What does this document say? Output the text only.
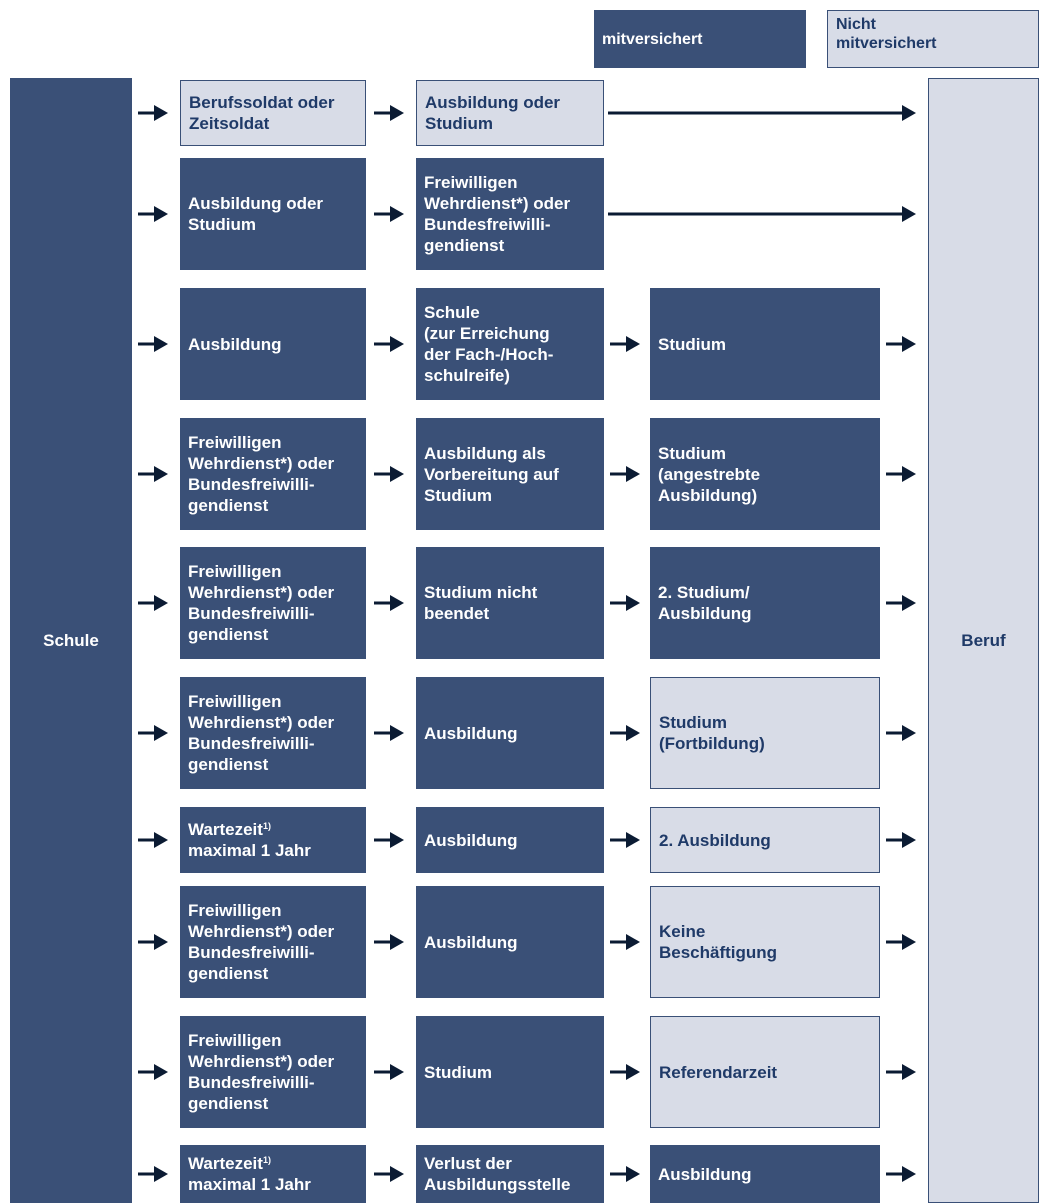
mitversichert
Nicht
mitversichert
Schule	Beruf
Berufssoldat oder
Zeitsoldat
Ausbildung oder
Studium
Ausbildung oder
Studium
Freiwilligen
Wehrdienst*) oder
Bundesfreiwilli-
gendienst
Ausbildung
Schule
(zur Erreichung
der Fach-/Hoch-
schulreife)
Studium
Freiwilligen
Wehrdienst*) oder
Bundesfreiwilli-
gendienst
Ausbildung als
Vorbereitung auf
Studium
Studium
(angestrebte
Ausbildung)
Freiwilligen
Wehrdienst*) oder
Bundesfreiwilli-
gendienst
Studium nicht
beendet
2. Studium/
Ausbildung
Freiwilligen
Wehrdienst*) oder
Bundesfreiwilli-
gendienst
Ausbildung
Studium
(Fortbildung)
Wartezeit$^{1)}$
maximal 1 Jahr
Ausbildung	2. Ausbildung
Freiwilligen
Wehrdienst*) oder
Bundesfreiwilli-
gendienst
Ausbildung
Keine
Beschäftigung
Freiwilligen
Wehrdienst*) oder
Bundesfreiwilli-
gendienst
Studium	Referendarzeit
Wartezeit$^{1)}$
maximal 1 Jahr
Verlust der
Ausbildungsstelle
Ausbildung
